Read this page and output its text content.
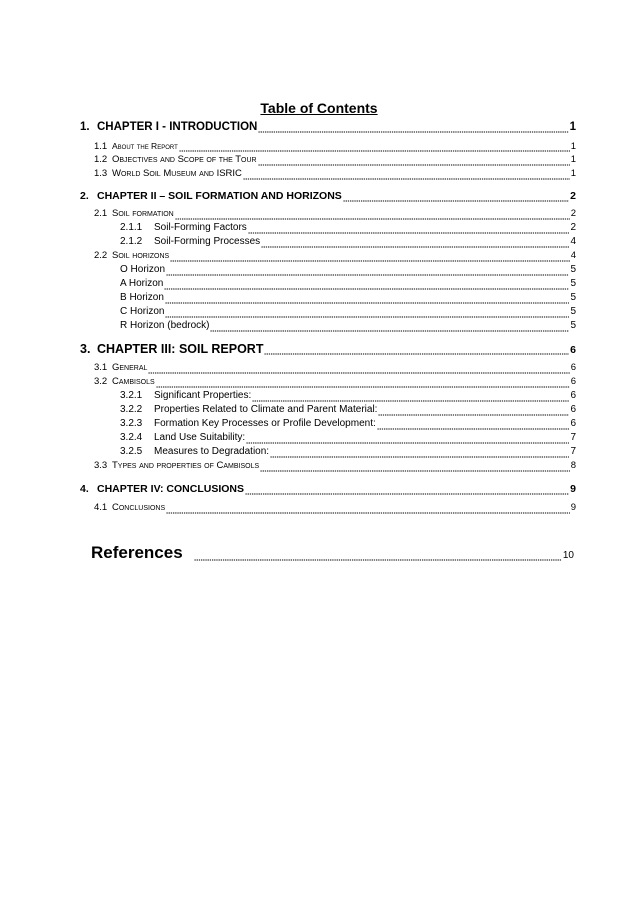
Table of Contents
1. CHAPTER I - INTRODUCTION	1
1.1 About the Report	1
1.2 Objectives and Scope of the Tour	1
1.3 World Soil Museum and ISRIC	1
2. CHAPTER II – SOIL FORMATION AND HORIZONS	2
2.1 Soil formation	2
2.1.1	Soil-Forming Factors	2
2.1.2	Soil-Forming Processes	4
2.2 Soil horizons	4
O Horizon	5
A Horizon	5
B Horizon	5
C Horizon	5
R Horizon (bedrock)	5
3. CHAPTER III: SOIL REPORT	6
3.1 General	6
3.2 Cambisols	6
3.2.1	Significant Properties:	6
3.2.2	Properties Related to Climate and Parent Material:	6
3.2.3	Formation Key Processes or Profile Development:	6
3.2.4	Land Use Suitability:	7
3.2.5	Measures to Degradation:	7
3.3 Types and properties of Cambisols	8
4. CHAPTER IV: CONCLUSIONS	9
4.1 Conclusions	9
References	10
